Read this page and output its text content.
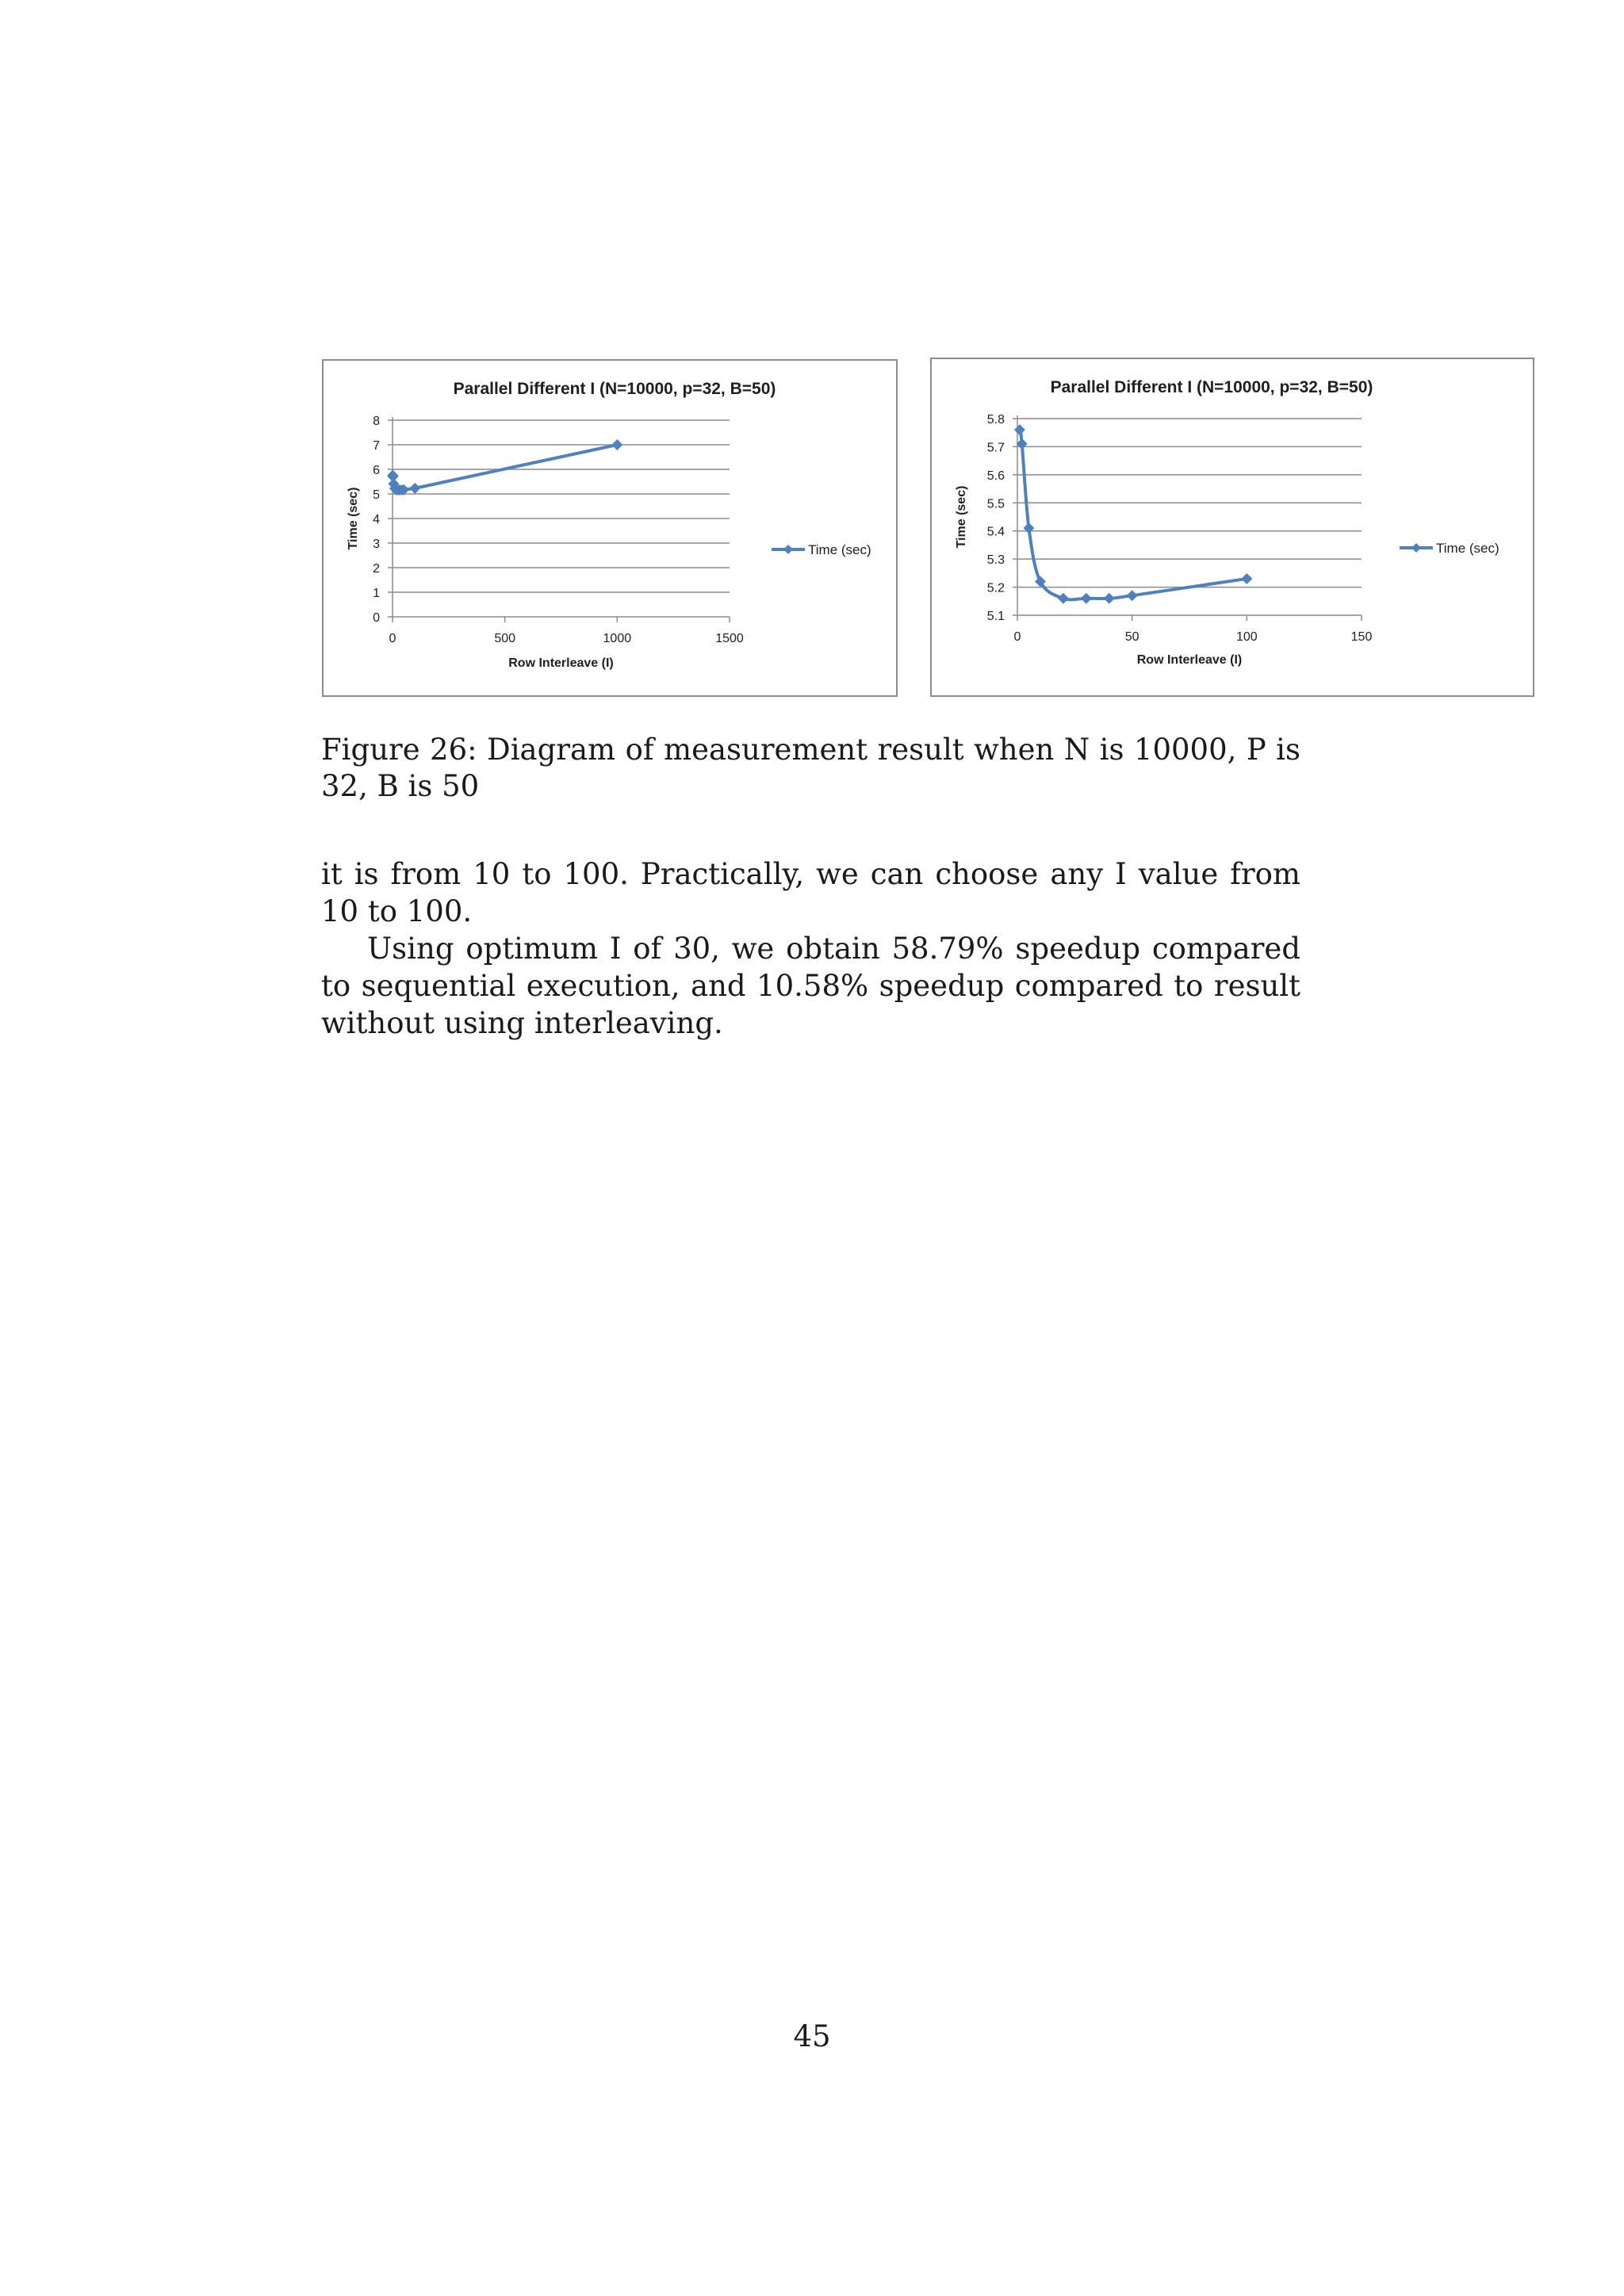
Parallel Different I (N=10000, p=32, B=50)
0
1
2
3
4
5
6
7
8
0	500	1000	1500
Row Interleave (I)
Time (sec)
Time (sec)
Parallel Different I (N=10000, p=32, B=50)
5.1
5.2
5.3
5.4
5.5
5.6
5.7
5.8
0	50	100	150
Row Interleave (I)
Time (sec)
Time (sec)

Figure 26: Diagram of measurement result when N is 10000, P is 32, B is 50

it is from 10 to 100. Practically, we can choose any I value from 10 to 100.

Using optimum I of 30, we obtain 58.79% speedup compared to sequential execution, and 10.58% speedup compared to result without using interleaving.

45
